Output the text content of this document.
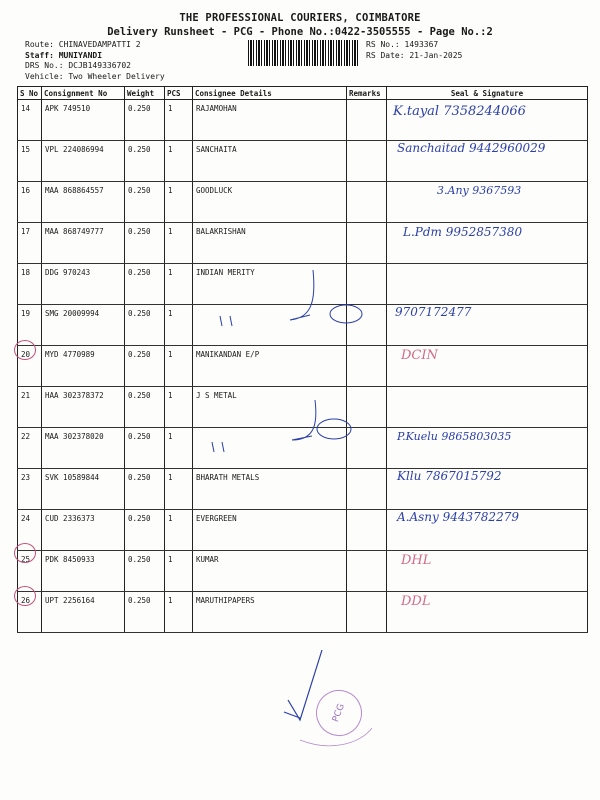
THE PROFESSIONAL COURIERS, COIMBATORE
Delivery Runsheet - PCG - Phone No.:0422-3505555 - Page No.:2
Route: CHINAVEDAMPATTI 2
Staff: MUNIYANDI
DRS No.: DCJB149336702
Vehicle: Two Wheeler Delivery
RS No.: 1493367
RS Date: 21-Jan-2025
S No	Consignment No	Weight	PCS	Consignee Details	Remarks	Seal & Signature
14	APK 749510	0.250	1	RAJAMOHAN		K.tayal 7358244066

15	VPL 224086994	0.250	1	SANCHAITA		Sanchaitad 9442960029

16	MAA 868864557	0.250	1	GOODLUCK		3.Any 9367593

17	MAA 868749777	0.250	1	BALAKRISHAN		L.Pdm 9952857380

18	DDG 970243	0.250	1	INDIAN MERITY		

19	SMG 20009994	0.250	1			9707172477

20	MYD 4770989	0.250	1	MANIKANDAN E/P		DCIN

21	HAA 302378372	0.250	1	J S METAL		

22	MAA 302378020	0.250	1			P.Kuelu 9865803035

23	SVK 10589844	0.250	1	BHARATH METALS		Kllu 7867015792

24	CUD 2336373	0.250	1	EVERGREEN		A.Asny 9443782279

25	PDK 8450933	0.250	1	KUMAR		DHL

26	UPT 2256164	0.250	1	MARUTHIPAPERS		DDL
PCG
